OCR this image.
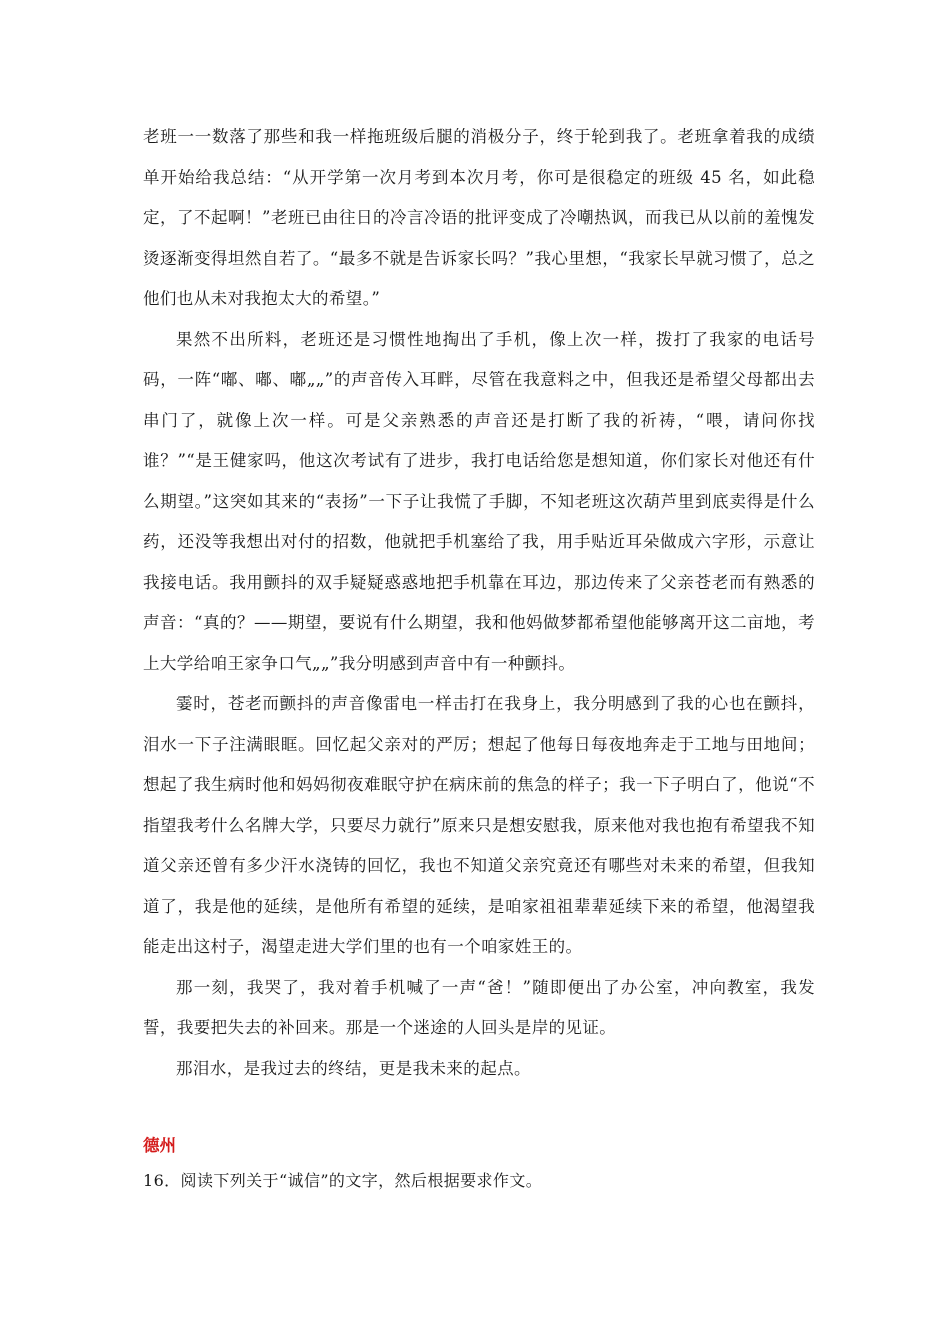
老班一一数落了那些和我一样拖班级后腿的消极分子，终于轮到我了。老班拿着我的成绩单开始给我总结：“从开学第一次月考到本次月考，你可是很稳定的班级 45 名，如此稳定，了不起啊！”老班已由往日的冷言冷语的批评变成了冷嘲热讽，而我已从以前的羞愧发烫逐渐变得坦然自若了。“最多不就是告诉家长吗？”我心里想，“我家长早就习惯了，总之他们也从未对我抱太大的希望。”

果然不出所料，老班还是习惯性地掏出了手机，像上次一样，拨打了我家的电话号码，一阵“嘟、嘟、嘟„„”的声音传入耳畔，尽管在我意料之中，但我还是希望父母都出去串门了，就像上次一样。可是父亲熟悉的声音还是打断了我的祈祷，“喂，请问你找谁？”“是王健家吗，他这次考试有了进步，我打电话给您是想知道，你们家长对他还有什么期望。”这突如其来的“表扬”一下子让我慌了手脚，不知老班这次葫芦里到底卖得是什么药，还没等我想出对付的招数，他就把手机塞给了我，用手贴近耳朵做成六字形，示意让我接电话。我用颤抖的双手疑疑惑惑地把手机靠在耳边，那边传来了父亲苍老而有熟悉的声音：“真的？——期望，要说有什么期望，我和他妈做梦都希望他能够离开这二亩地，考上大学给咱王家争口气„„”我分明感到声音中有一种颤抖。

霎时，苍老而颤抖的声音像雷电一样击打在我身上，我分明感到了我的心也在颤抖，泪水一下子注满眼眶。回忆起父亲对的严厉；想起了他每日每夜地奔走于工地与田地间；想起了我生病时他和妈妈彻夜难眠守护在病床前的焦急的样子；我一下子明白了，他说“不指望我考什么名牌大学，只要尽力就行”原来只是想安慰我，原来他对我也抱有希望我不知道父亲还曾有多少汗水浇铸的回忆，我也不知道父亲究竟还有哪些对未来的希望，但我知道了，我是他的延续，是他所有希望的延续，是咱家祖祖辈辈延续下来的希望，他渴望我能走出这村子，渴望走进大学们里的也有一个咱家姓王的。

那一刻，我哭了，我对着手机喊了一声“爸！”随即便出了办公室，冲向教室，我发誓，我要把失去的补回来。那是一个迷途的人回头是岸的见证。

那泪水，是我过去的终结，更是我未来的起点。

德州

16．阅读下列关于“诚信”的文字，然后根据要求作文。
